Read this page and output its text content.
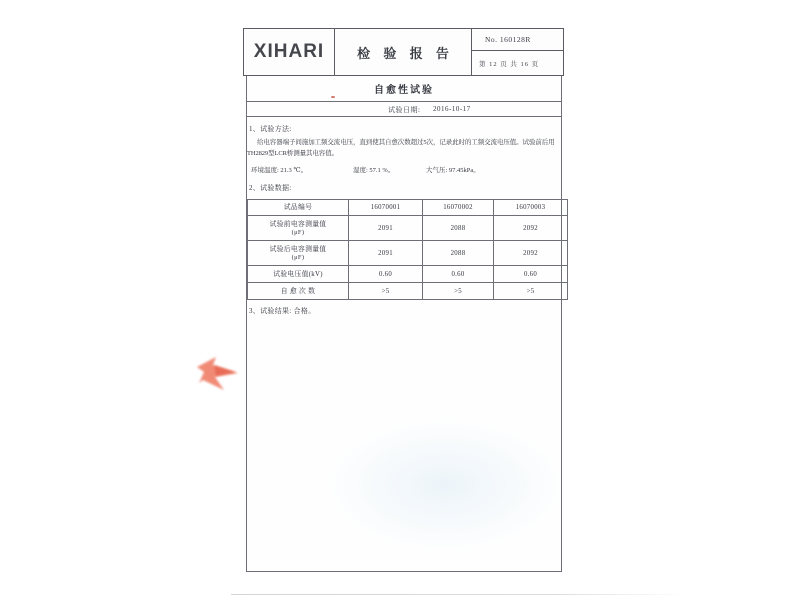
XIHARI	检 验 报 告
No. 160128R
第 12 页 共 16 页
自愈性试验
试验日期: 2016-10-17
1、试验方法:
给电容器端子间施加工频交流电压，直到使其自愈次数超过5次，记录此时的工频交流电压值。试验前后用
TH2829型LCR桥测量其电容值。
环境温度: 21.3 ℃。	湿度: 57.1 %。	大气压: 97.45kPa。
2、试验数据:
试品编号	16070001	16070002	16070003

试验前电容测量值
(μF)	2091	2088	2092

试验后电容测量值
(μF)	2091	2088	2092
试验电压值(kV)	0.60	0.60	0.60
自 愈 次 数	>5	>5	>5
3、试验结果: 合格。
